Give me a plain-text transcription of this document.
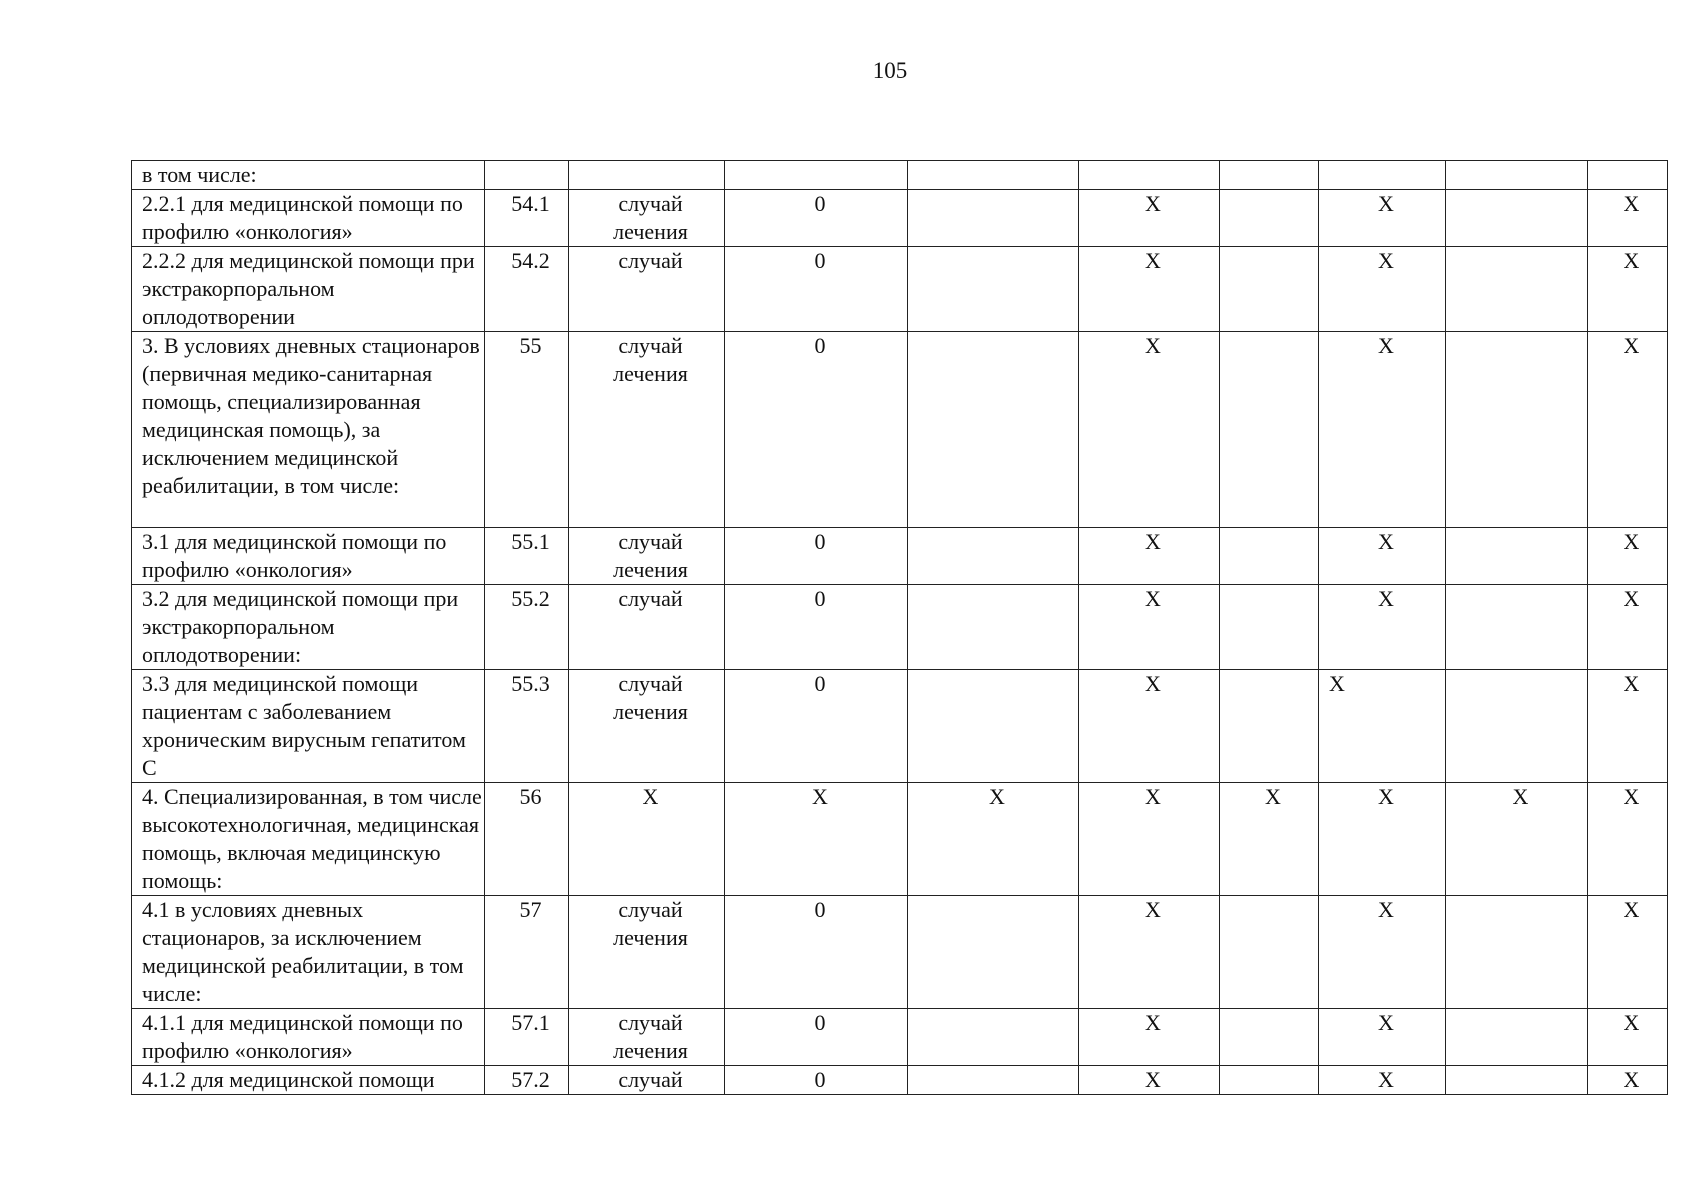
105
в том числе:									
2.2.1 для медицинской помощи по профилю «онкология»	54.1	случай лечения	0		X		X		X
2.2.2 для медицинской помощи при экстракорпоральном оплодотворении	54.2	случай	0		X		X		X
3. В условиях дневных стационаров (первичная медико-санитарная помощь, специализированная медицинская помощь), за исключением медицинской реабилитации, в том числе:	55	случай лечения	0		X		X		X
3.1 для медицинской помощи по профилю «онкология»	55.1	случай лечения	0		X		X		X
3.2 для медицинской помощи при экстракорпоральном оплодотворении:	55.2	случай	0		X		X		X
3.3 для медицинской помощи пациентам с заболеванием хроническим вирусным гепатитом С	55.3	случай лечения	0		X		X		X
4. Специализированная, в том числе высокотехнологичная, медицинская помощь, включая медицинскую помощь:	56	X	X	X	X	X	X	X	X
4.1 в условиях дневных стационаров, за исключением медицинской реабилитации, в том числе:	57	случай лечения	0		X		X		X
4.1.1 для медицинской помощи по профилю «онкология»	57.1	случай лечения	0		X		X		X
4.1.2 для медицинской помощи	57.2	случай	0		X		X		X
